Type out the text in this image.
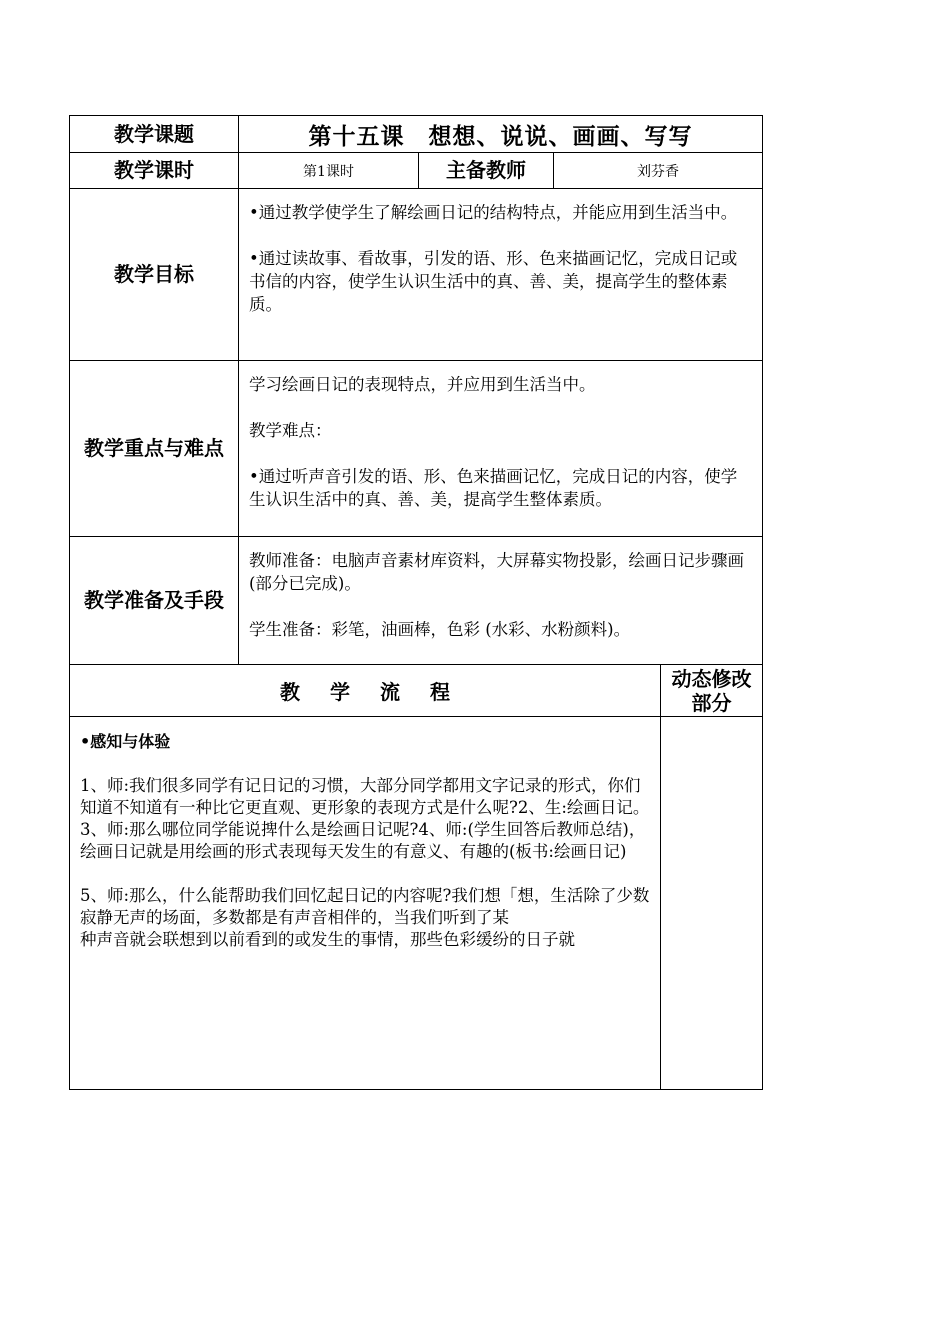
教学课题	第十五课　想想、说说、画画、写写			
教学课时	第1课时	主备教师	刘芬香	
教学目标	•通过教学使学生了解绘画日记的结构特点，并能应用到生活当中。

•通过读故事、看故事，引发的语、形、色来描画记忆，完成日记或书信的内容，使学生认识生活中的真、善、美，提高学生的整体素质。			

教学重点与难点	学习绘画日记的表现特点，并应用到生活当中。

教学难点：

•通过听声音引发的语、形、色来描画记忆，完成日记的内容，使学生认识生活中的真、善、美，提高学生整体素质。			

教学准备及手段	教师准备：电脑声音素材库资料，大屏幕实物投影，绘画日记步骤画 (部分已完成)。

学生准备：彩笔，油画棒，色彩 (水彩、水粉颜料)。			

教 学 流 程				动态修改部分

•感知与体验

1、师:我们很多同学有记日记的习惯，大部分同学都用文字记录的形式，你们知道不知道有一种比它更直观、更形象的表现方式是什么呢?2、生:绘画日记。3、师:那么哪位同学能说捭什么是绘画日记呢?4、师:(学生回答后教师总结)，绘画日记就是用绘画的形式表现每天发生的有意义、有趣的(板书:绘画日记)

5、师:那么，什么能帮助我们回忆起日记的内容呢?我们想「想，生活除了少数寂静无声的场面，多数都是有声音相伴的，当我们听到了某

种声音就会联想到以前看到的或发生的事情，那些色彩缓纷的日子就				
